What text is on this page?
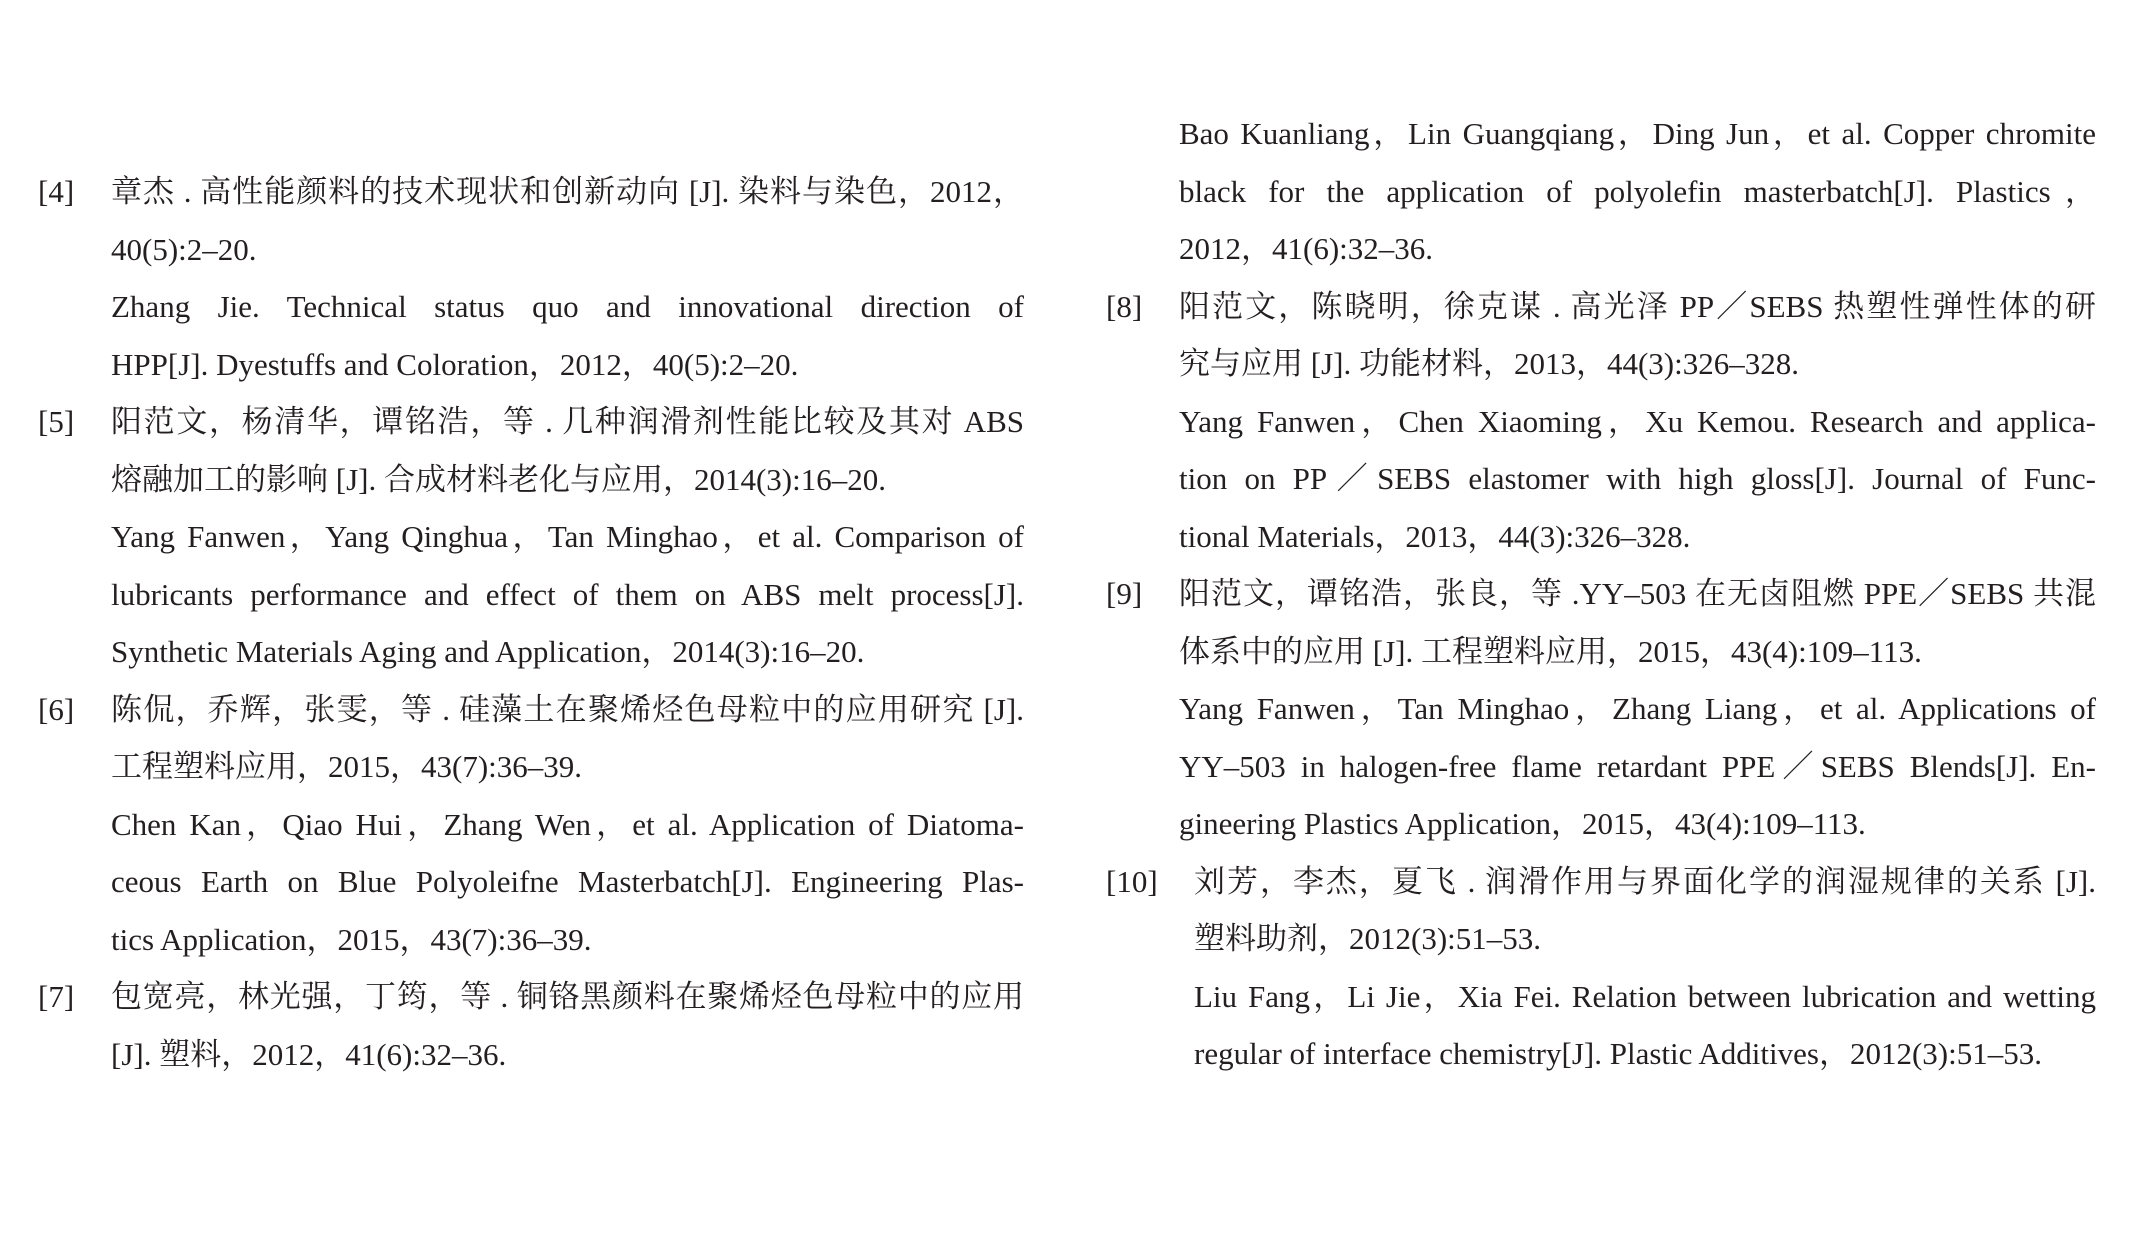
[4] 章杰 . 高性能颜料的技术现状和创新动向 [J]. 染料与染色，2012，
40(5):2–20.
Zhang Jie. Technical status quo and innovational direction of
HPP[J]. Dyestuffs and Coloration，2012，40(5):2–20.
[5] 阳范文，杨清华，谭铭浩，等 . 几种润滑剂性能比较及其对 ABS
熔融加工的影响 [J]. 合成材料老化与应用，2014(3):16–20.
Yang Fanwen，Yang Qinghua，Tan Minghao，et al. Comparison of
lubricants performance and effect of them on ABS melt process[J].
Synthetic Materials Aging and Application，2014(3):16–20.
[6] 陈侃，乔辉，张雯，等 . 硅藻土在聚烯烃色母粒中的应用研究 [J].
工程塑料应用，2015，43(7):36–39.
Chen Kan，Qiao Hui，Zhang Wen，et al. Application of Diatoma-
ceous Earth on Blue Polyoleifne Masterbatch[J]. Engineering Plas-
tics Application，2015，43(7):36–39.
[7] 包宽亮，林光强，丁筠，等 . 铜铬黑颜料在聚烯烃色母粒中的应用
[J]. 塑料，2012，41(6):32–36.
Bao Kuanliang，Lin Guangqiang，Ding Jun，et al. Copper chromite
black for the application of polyolefin masterbatch[J]. Plastics，
2012，41(6):32–36.
[8] 阳范文，陈晓明，徐克谋 . 高光泽 PP／SEBS 热塑性弹性体的研
究与应用 [J]. 功能材料，2013，44(3):326–328.
Yang Fanwen，Chen Xiaoming，Xu Kemou. Research and applica-
tion on PP／SEBS elastomer with high gloss[J]. Journal of Func-
tional Materials，2013，44(3):326–328.
[9] 阳范文，谭铭浩，张良，等 .YY–503 在无卤阻燃 PPE／SEBS 共混
体系中的应用 [J]. 工程塑料应用，2015，43(4):109–113.
Yang Fanwen，Tan Minghao，Zhang Liang，et al. Applications of
YY–503 in halogen-free flame retardant PPE／SEBS Blends[J]. En-
gineering Plastics Application，2015，43(4):109–113.
[10] 刘芳，李杰，夏飞 . 润滑作用与界面化学的润湿规律的关系 [J].
塑料助剂，2012(3):51–53.
Liu Fang，Li Jie，Xia Fei. Relation between lubrication and wetting
regular of interface chemistry[J]. Plastic Additives，2012(3):51–53.
